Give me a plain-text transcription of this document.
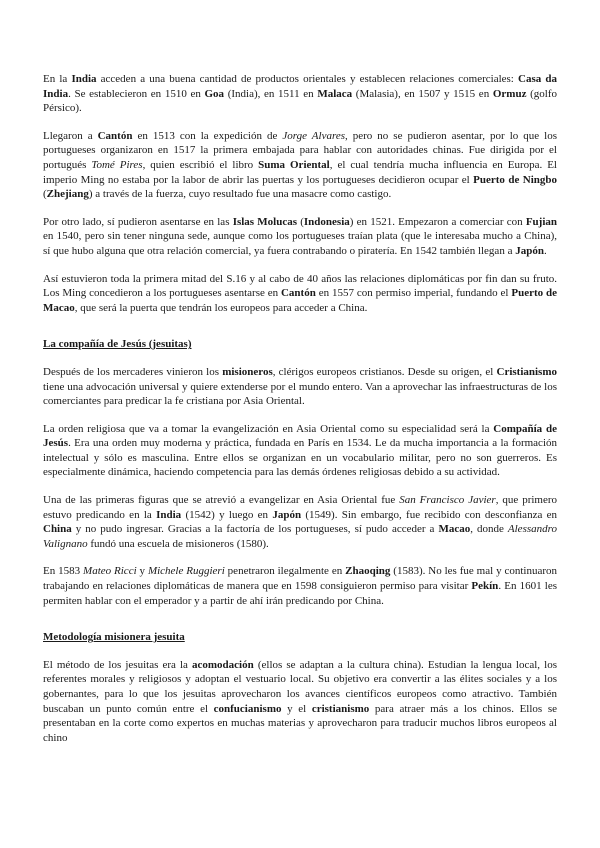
En la India acceden a una buena cantidad de productos orientales y establecen relaciones comerciales: Casa da India. Se establecieron en 1510 en Goa (India), en 1511 en Malaca (Malasia), en 1507 y 1515 en Ormuz (golfo Pérsico).

Llegaron a Cantón en 1513 con la expedición de Jorge Alvares, pero no se pudieron asentar, por lo que los portugueses organizaron en 1517 la primera embajada para hablar con autoridades chinas. Fue dirigida por el portugués Tomé Pires, quien escribió el libro Suma Oriental, el cual tendría mucha influencia en Europa. El imperio Ming no estaba por la labor de abrir las puertas y los portugueses decidieron ocupar el Puerto de Ningbo (Zhejiang) a través de la fuerza, cuyo resultado fue una masacre como castigo.

Por otro lado, sí pudieron asentarse en las Islas Molucas (Indonesia) en 1521. Empezaron a comerciar con Fujian en 1540, pero sin tener ninguna sede, aunque como los portugueses traían plata (que le interesaba mucho a China), sí que hubo alguna que otra relación comercial, ya fuera contrabando o piratería. En 1542 también llegan a Japón.

Así estuvieron toda la primera mitad del S.16 y al cabo de 40 años las relaciones diplomáticas por fin dan su fruto. Los Ming concedieron a los portugueses asentarse en Cantón en 1557 con permiso imperial, fundando el Puerto de Macao, que será la puerta que tendrán los europeos para acceder a China.

La compañía de Jesús (jesuitas)

Después de los mercaderes vinieron los misioneros, clérigos europeos cristianos. Desde su origen, el Cristianismo tiene una advocación universal y quiere extenderse por el mundo entero. Van a aprovechar las infraestructuras de los comerciantes para predicar la fe cristiana por Asia Oriental.

La orden religiosa que va a tomar la evangelización en Asia Oriental como su especialidad será la Compañía de Jesús. Era una orden muy moderna y práctica, fundada en París en 1534. Le da mucha importancia a la formación intelectual y sólo es masculina. Entre ellos se organizan en un vocabulario militar, pero no son guerreros. Es especialmente dinámica, haciendo competencia para las demás órdenes religiosas debido a su actividad.

Una de las primeras figuras que se atrevió a evangelizar en Asia Oriental fue San Francisco Javier, que primero estuvo predicando en la India (1542) y luego en Japón (1549). Sin embargo, fue recibido con desconfianza en China y no pudo ingresar. Gracias a la factoría de los portugueses, sí pudo acceder a Macao, donde Alessandro Valignano fundó una escuela de misioneros (1580).

En 1583 Mateo Ricci y Michele Ruggieri penetraron ilegalmente en Zhaoqing (1583). No les fue mal y continuaron trabajando en relaciones diplomáticas de manera que en 1598 consiguieron permiso para visitar Pekín. En 1601 les permiten hablar con el emperador y a partir de ahí irán predicando por China.

Metodología misionera jesuita

El método de los jesuitas era la acomodación (ellos se adaptan a la cultura china). Estudian la lengua local, los referentes morales y religiosos y adoptan el vestuario local. Su objetivo era convertir a las élites sociales y a los gobernantes, para lo que los jesuitas aprovecharon los avances científicos europeos como atractivo. También buscaban un punto común entre el confucianismo y el cristianismo para atraer más a los chinos. Ellos se presentaban en la corte como expertos en muchas materias y aprovecharon para traducir muchos libros europeos al chino
